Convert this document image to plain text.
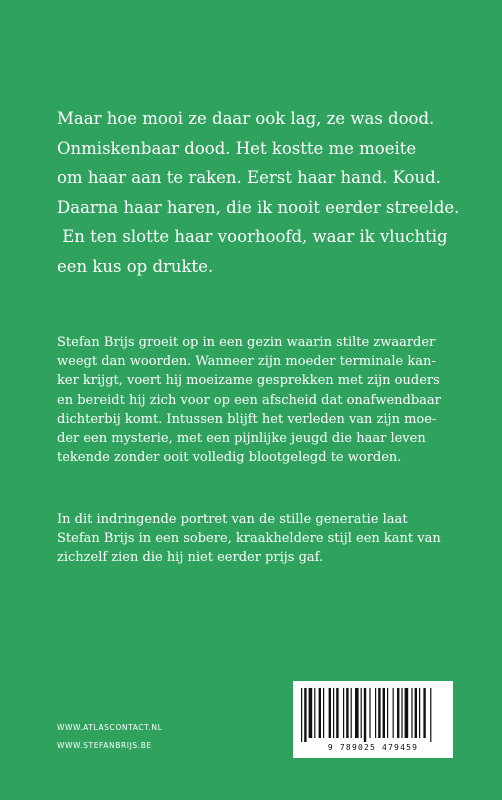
Maar hoe mooi ze daar ook lag, ze was dood.
Onmiskenbaar dood. Het kostte me moeite
om haar aan te raken. Eerst haar hand. Koud.
Daarna haar haren, die ik nooit eerder streelde.
En ten slotte haar voorhoofd, waar ik vluchtig
een kus op drukte.
Stefan Brijs groeit op in een gezin waarin stilte zwaarder
weegt dan woorden. Wanneer zijn moeder terminale kan-
ker krijgt, voert hij moeizame gesprekken met zijn ouders
en bereidt hij zich voor op een afscheid dat onafwendbaar
dichterbij komt. Intussen blijft het verleden van zijn moe-
der een mysterie, met een pijnlijke jeugd die haar leven
tekende zonder ooit volledig blootgelegd te worden.
In dit indringende portret van de stille generatie laat
Stefan Brijs in een sobere, kraakheldere stijl een kant van
zichzelf zien die hij niet eerder prijs gaf.
WWW.ATLASCONTACT.NL
WWW.STEFANBRIJS.BE	9 789025 479459
